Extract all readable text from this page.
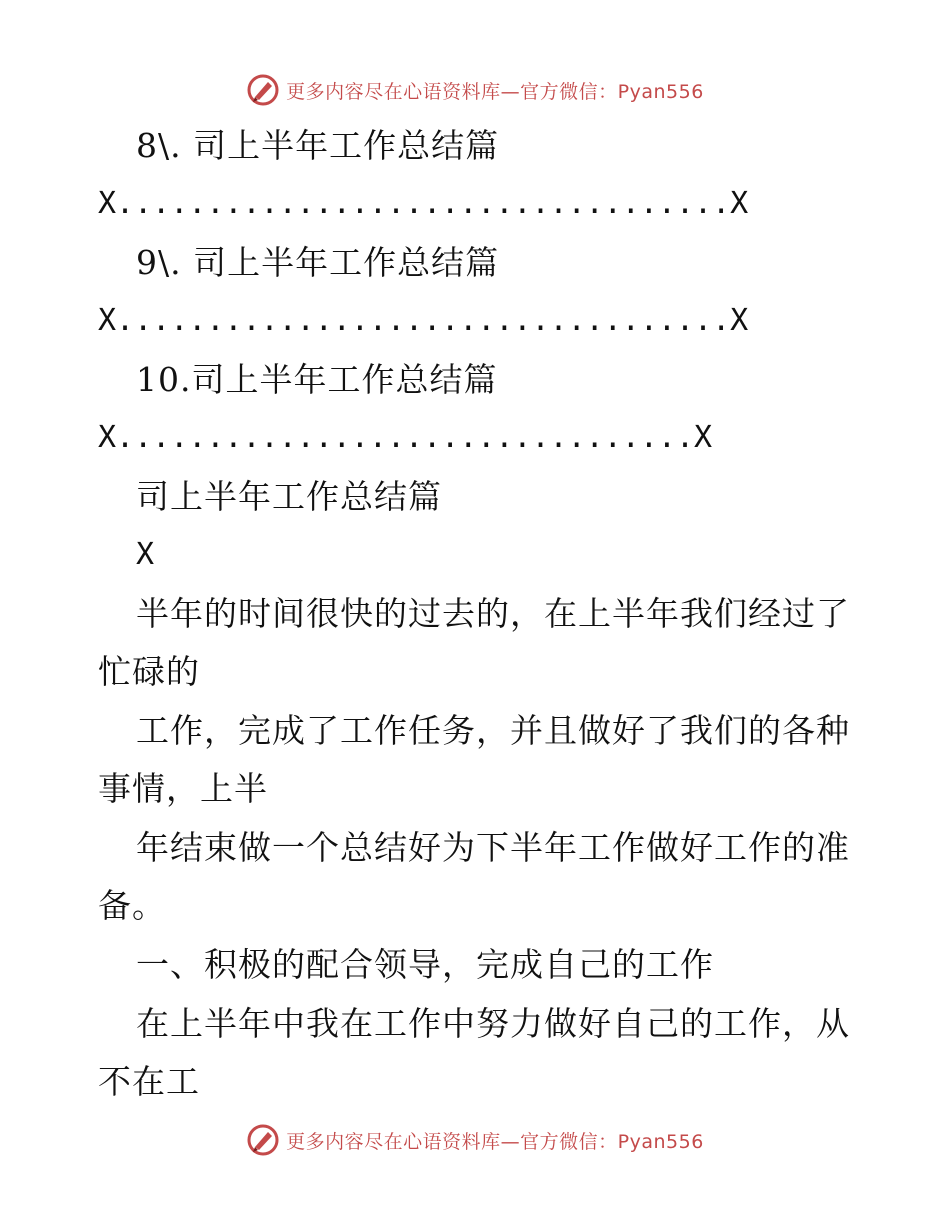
更多内容尽在心语资料库—官方微信：Pyan556
8\. 司上半年工作总结篇
X..................................X
9\. 司上半年工作总结篇
X..................................X
10.司上半年工作总结篇
X................................X
司上半年工作总结篇
X
半年的时间很快的过去的，在上半年我们经过了
忙碌的
工作，完成了工作任务，并且做好了我们的各种
事情，上半
年结束做一个总结好为下半年工作做好工作的准
备。
一、积极的配合领导，完成自己的工作
在上半年中我在工作中努力做好自己的工作，从
不在工
更多内容尽在心语资料库—官方微信：Pyan556
